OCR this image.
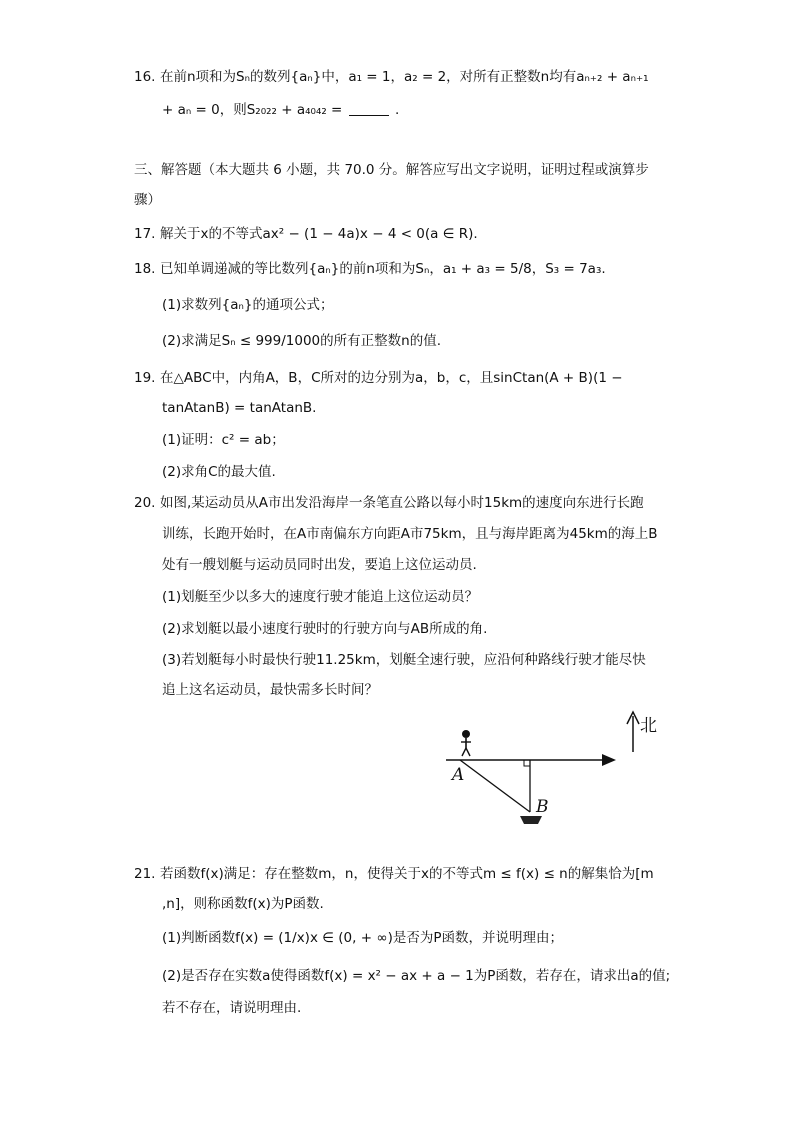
16. 在前n项和为Sₙ的数列{aₙ}中，a₁ = 1，a₂ = 2，对所有正整数n均有aₙ₊₂ + aₙ₊₁
+ aₙ = 0，则S₂₀₂₂ + a₄₀₄₂ =	.
三、解答题（本大题共 6 小题，共 70.0 分。解答应写出文字说明，证明过程或演算步
骤）
17. 解关于x的不等式ax² − (1 − 4a)x − 4 < 0(a ∈ R).
18. 已知单调递减的等比数列{aₙ}的前n项和为Sₙ，a₁ + a₃ = 5/8，S₃ = 7a₃.
(1)求数列{aₙ}的通项公式；
(2)求满足Sₙ ≤ 999/1000的所有正整数n的值.
19. 在△ABC中，内角A，B，C所对的边分别为a，b，c，且sinCtan(A + B)(1 −
tanAtanB) = tanAtanB.
(1)证明：c² = ab；
(2)求角C的最大值.
20. 如图,某运动员从A市出发沿海岸一条笔直公路以每小时15km的速度向东进行长跑
训练，长跑开始时，在A市南偏东方向距A市75km，且与海岸距离为45km的海上B
处有一艘划艇与运动员同时出发，要追上这位运动员.
(1)划艇至少以多大的速度行驶才能追上这位运动员？
(2)求划艇以最小速度行驶时的行驶方向与AB所成的角.
(3)若划艇每小时最快行驶11.25km，划艇全速行驶，应沿何种路线行驶才能尽快
追上这名运动员，最快需多长时间？
北
A
B
21. 若函数f(x)满足：存在整数m，n，使得关于x的不等式m ≤ f(x) ≤ n的解集恰为[m
,n]，则称函数f(x)为P函数.
(1)判断函数f(x) = (1/x)x ∈ (0, + ∞)是否为P函数，并说明理由；
(2)是否存在实数a使得函数f(x) = x² − ax + a − 1为P函数，若存在，请求出a的值;
若不存在，请说明理由.
